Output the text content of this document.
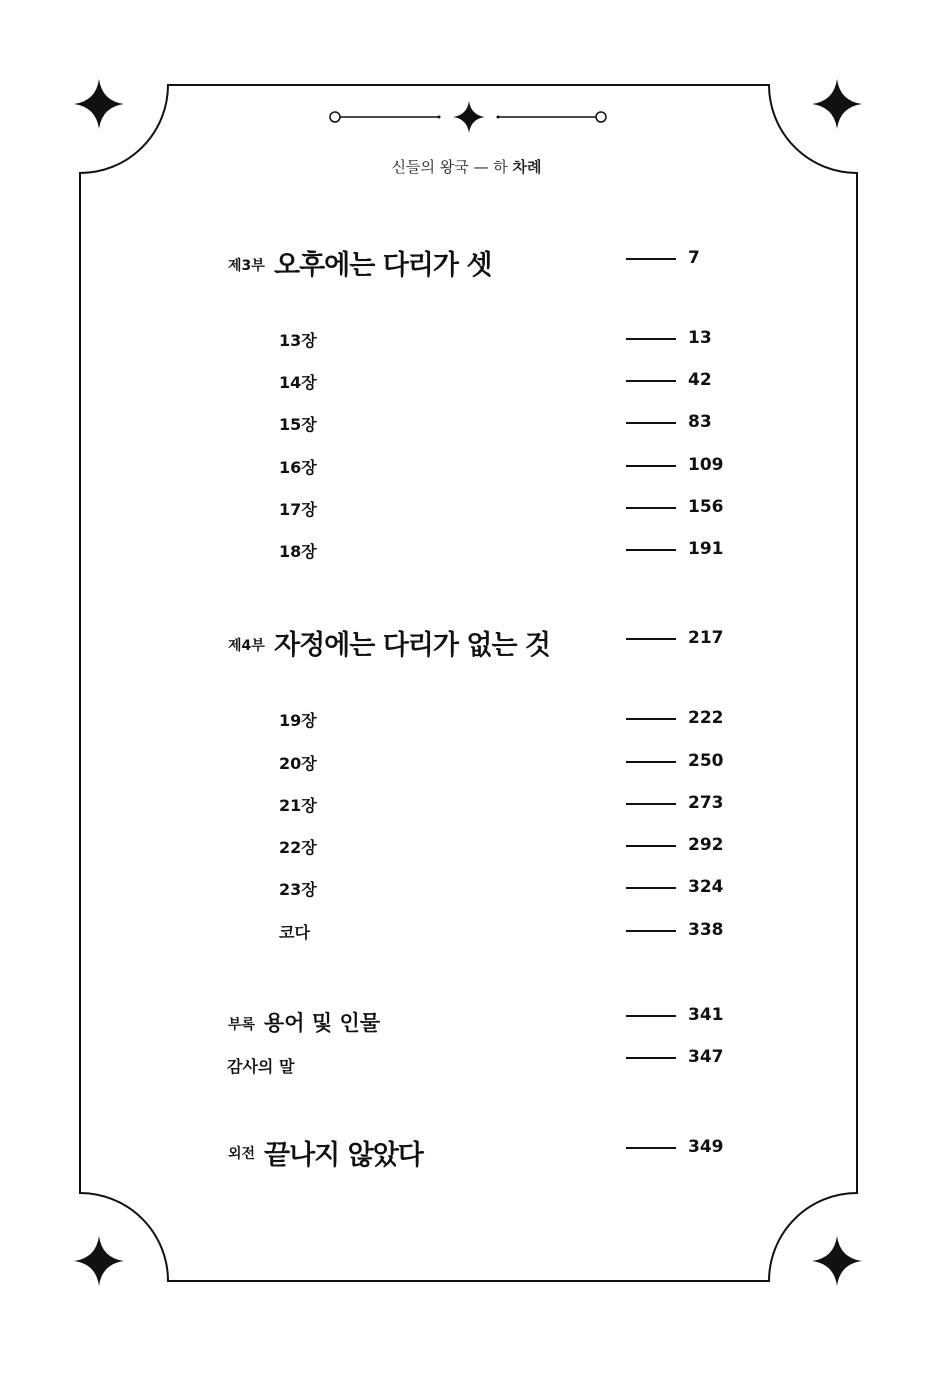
신들의 왕국 — 하 차례
제3부 오후에는 다리가 셋	7
13장	13
14장	42
15장	83
16장	109
17장	156
18장	191
제4부 자정에는 다리가 없는 것	217
19장	222
20장	250
21장	273
22장	292
23장	324
코다	338
부록 용어 및 인물	341
감사의 말	347
외전 끝나지 않았다	349
